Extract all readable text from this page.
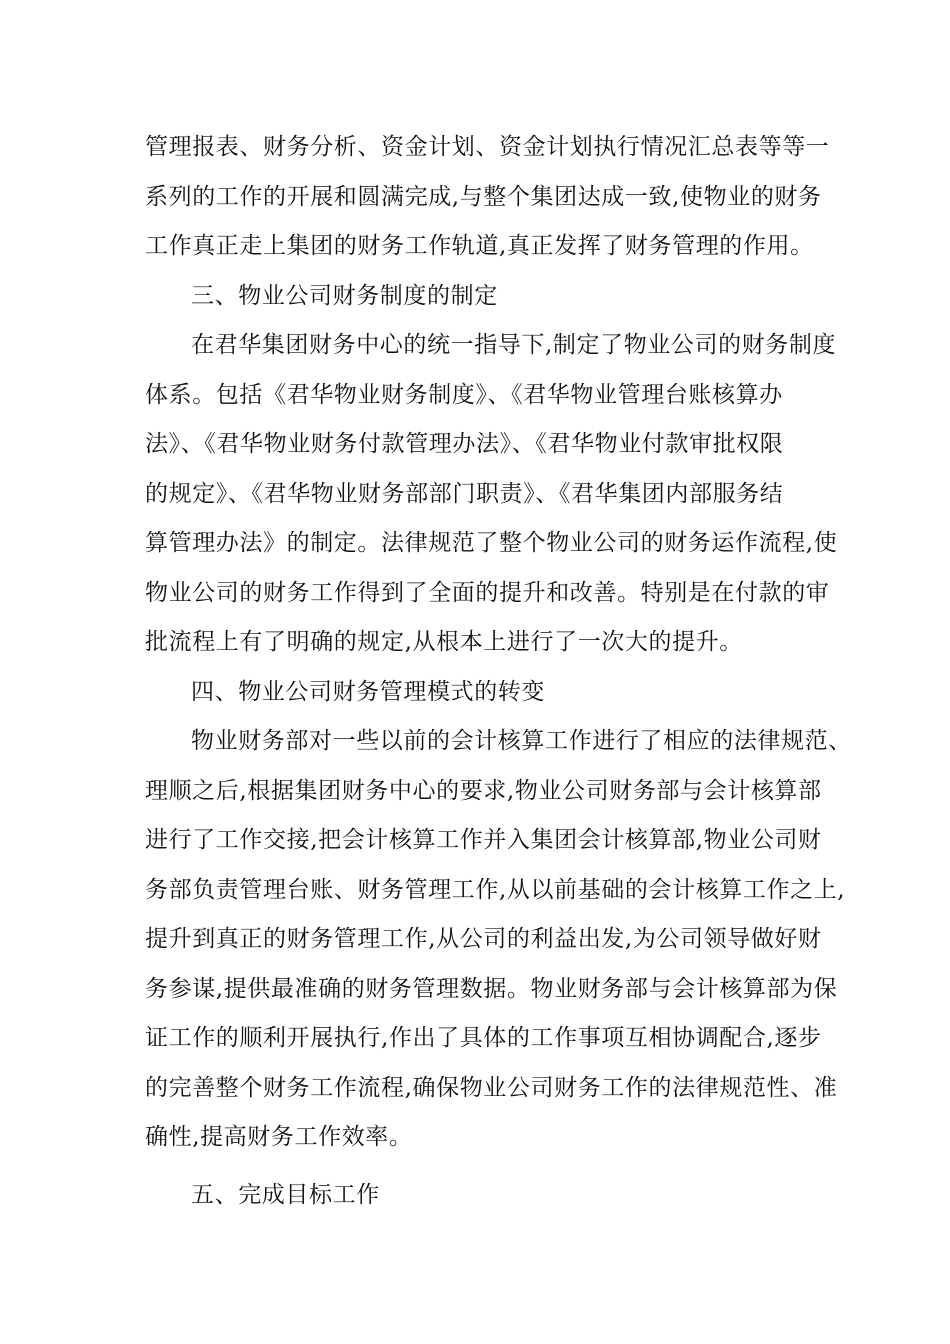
管理报表、财务分析、资金计划、资金计划执行情况汇总表等等一
系列的工作的开展和圆满完成,与整个集团达成一致,使物业的财务
工作真正走上集团的财务工作轨道,真正发挥了财务管理的作用。
三、物业公司财务制度的制定
在君华集团财务中心的统一指导下,制定了物业公司的财务制度
体系。包括《君华物业财务制度》、《君华物业管理台账核算办
法》、《君华物业财务付款管理办法》、《君华物业付款审批权限
的规定》、《君华物业财务部部门职责》、《君华集团内部服务结
算管理办法》的制定。法律规范了整个物业公司的财务运作流程,使
物业公司的财务工作得到了全面的提升和改善。特别是在付款的审
批流程上有了明确的规定,从根本上进行了一次大的提升。
四、物业公司财务管理模式的转变
物业财务部对一些以前的会计核算工作进行了相应的法律规范、
理顺之后,根据集团财务中心的要求,物业公司财务部与会计核算部
进行了工作交接,把会计核算工作并入集团会计核算部,物业公司财
务部负责管理台账、财务管理工作,从以前基础的会计核算工作之上,
提升到真正的财务管理工作,从公司的利益出发,为公司领导做好财
务参谋,提供最准确的财务管理数据。物业财务部与会计核算部为保
证工作的顺利开展执行,作出了具体的工作事项互相协调配合,逐步
的完善整个财务工作流程,确保物业公司财务工作的法律规范性、准
确性,提高财务工作效率。
五、完成目标工作
